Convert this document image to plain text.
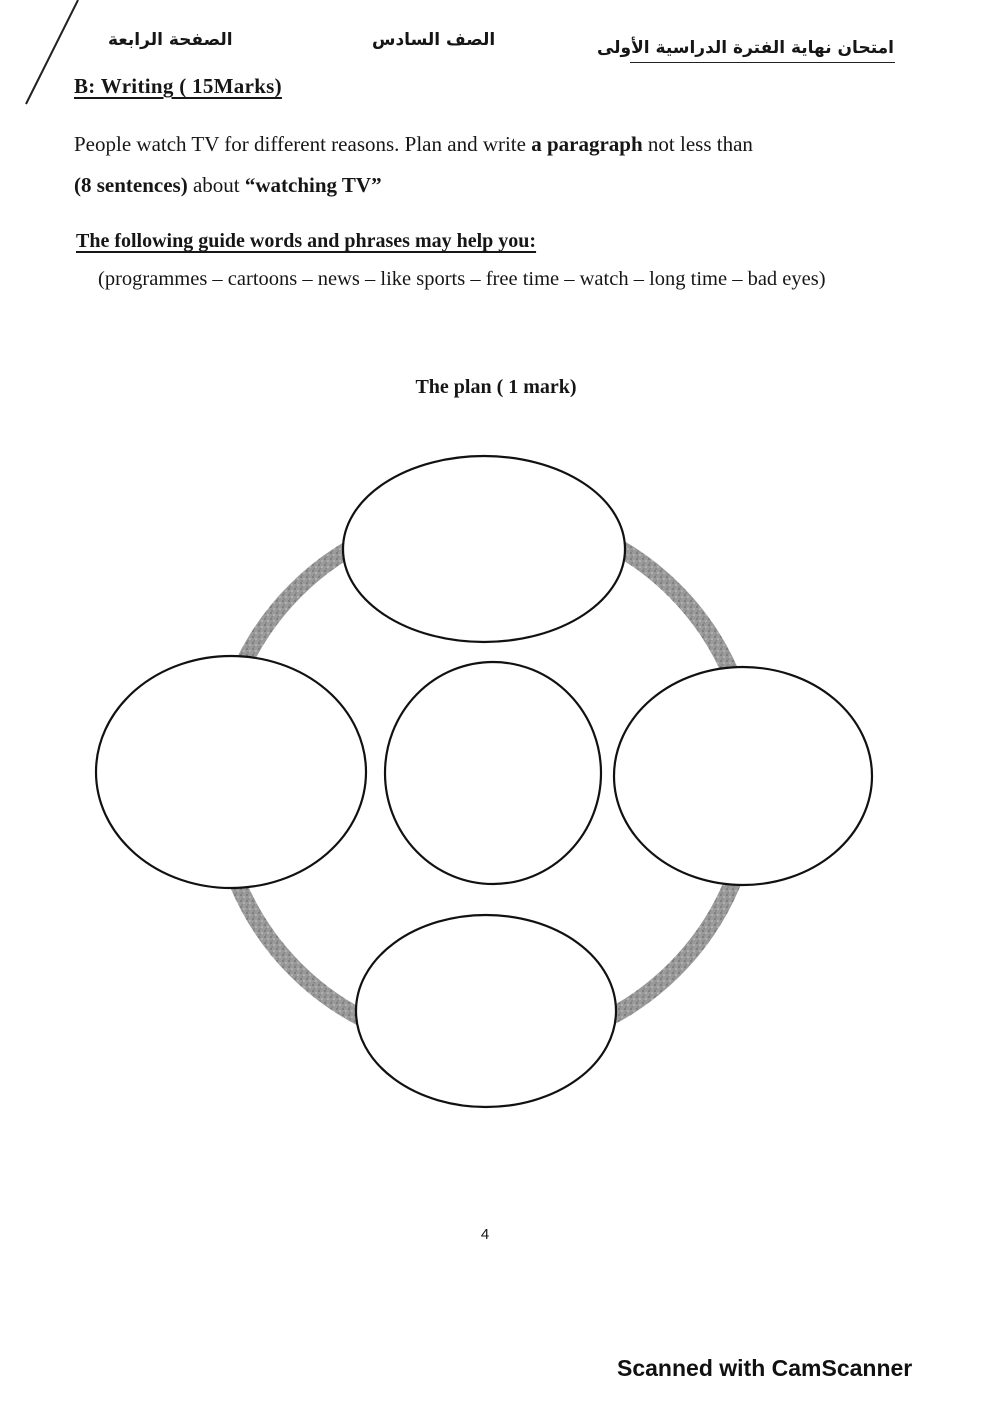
امتحان نهاية الفترة الدراسية الأولى
الصف السادس
الصفحة الرابعة
B: Writing ( 15Marks)
People watch TV for different reasons. Plan and write a paragraph not less than
(8 sentences) about “watching TV”
The following guide words and phrases may help you:
(programmes – cartoons – news – like sports – free time – watch – long time – bad eyes)
The plan ( 1 mark)
4
Scanned with CamScanner
